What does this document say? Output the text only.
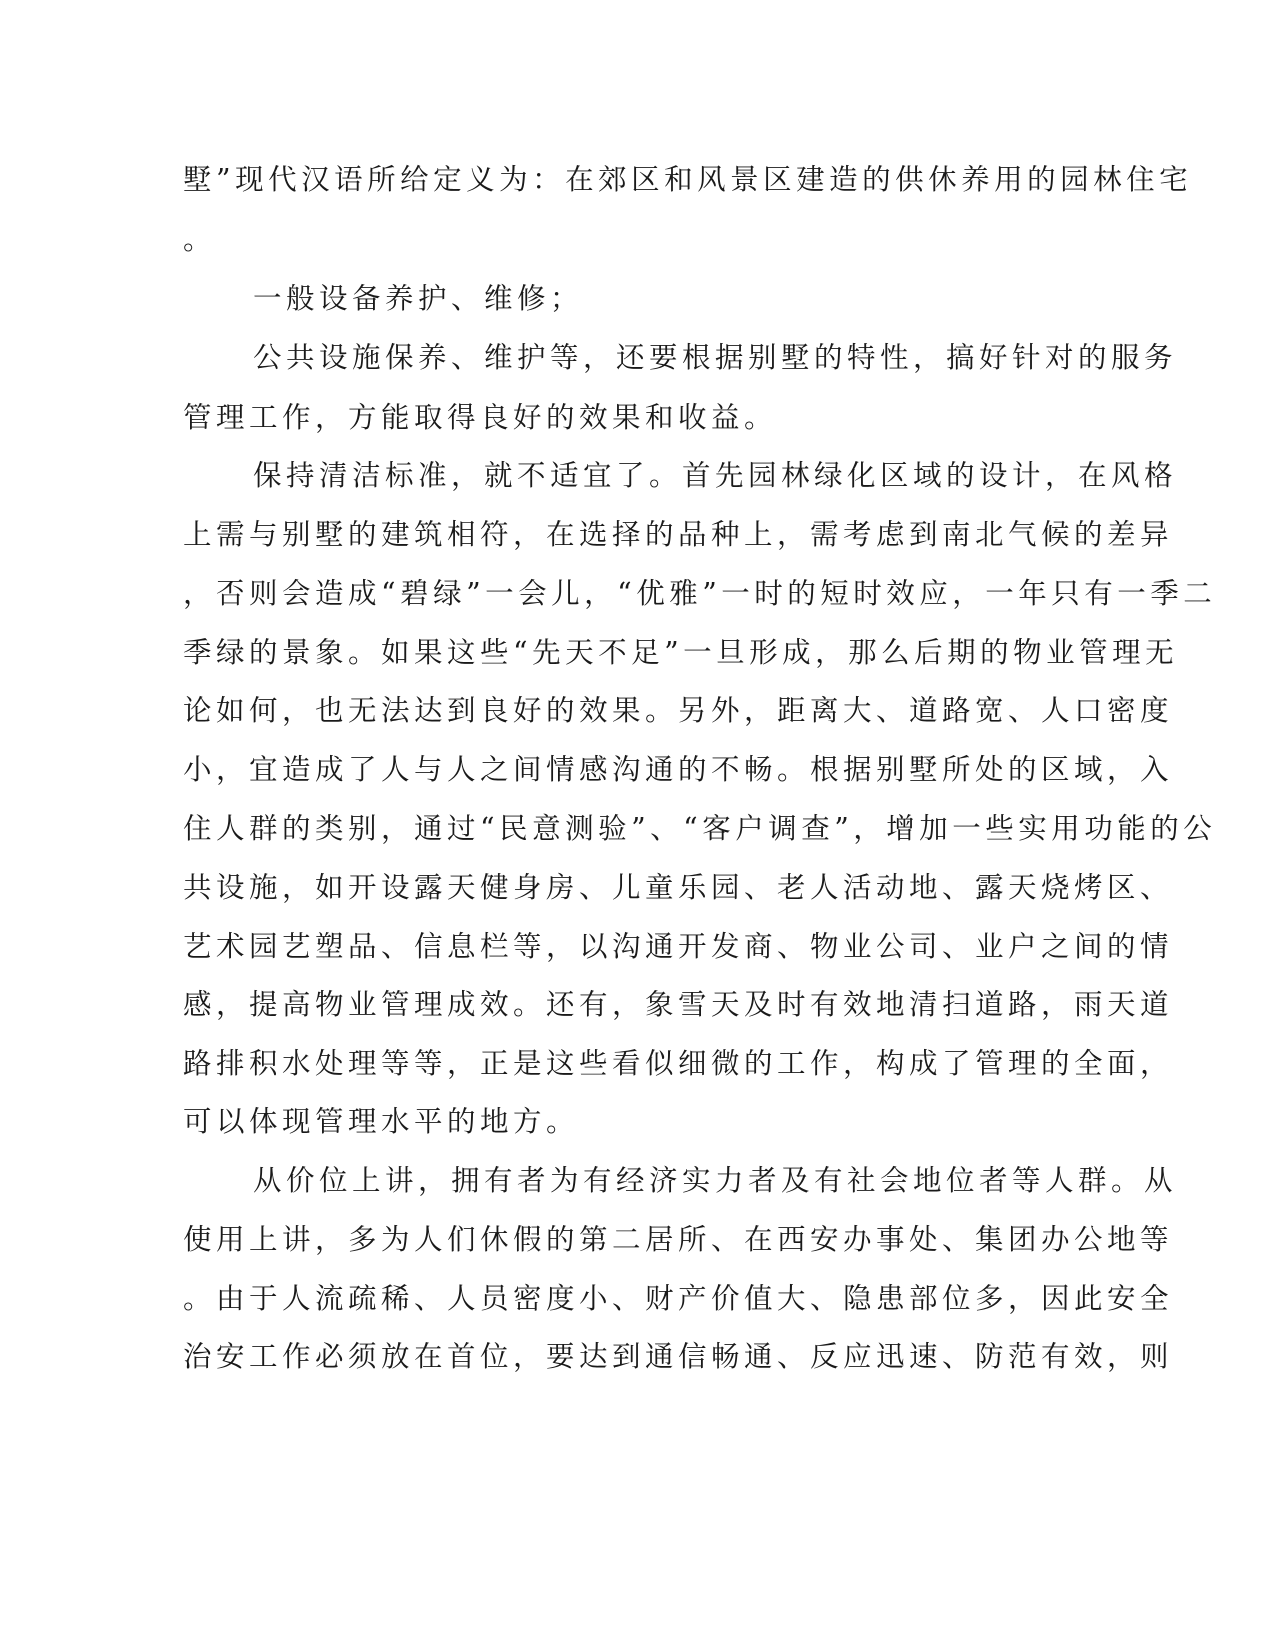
墅”现代汉语所给定义为：在郊区和风景区建造的供休养用的园林住宅
。
一般设备养护、维修；
公共设施保养、维护等，还要根据别墅的特性，搞好针对的服务
管理工作，方能取得良好的效果和收益。
保持清洁标准，就不适宜了。首先园林绿化区域的设计，在风格
上需与别墅的建筑相符，在选择的品种上，需考虑到南北气候的差异
，否则会造成“碧绿”一会儿，“优雅”一时的短时效应，一年只有一季二
季绿的景象。如果这些“先天不足”一旦形成，那么后期的物业管理无
论如何，也无法达到良好的效果。另外，距离大、道路宽、人口密度
小，宜造成了人与人之间情感沟通的不畅。根据别墅所处的区域，入
住人群的类别，通过“民意测验”、“客户调查”，增加一些实用功能的公
共设施，如开设露天健身房、儿童乐园、老人活动地、露天烧烤区、
艺术园艺塑品、信息栏等，以沟通开发商、物业公司、业户之间的情
感，提高物业管理成效。还有，象雪天及时有效地清扫道路，雨天道
路排积水处理等等，正是这些看似细微的工作，构成了管理的全面，
可以体现管理水平的地方。
从价位上讲，拥有者为有经济实力者及有社会地位者等人群。从
使用上讲，多为人们休假的第二居所、在西安办事处、集团办公地等
。由于人流疏稀、人员密度小、财产价值大、隐患部位多，因此安全
治安工作必须放在首位，要达到通信畅通、反应迅速、防范有效，则
